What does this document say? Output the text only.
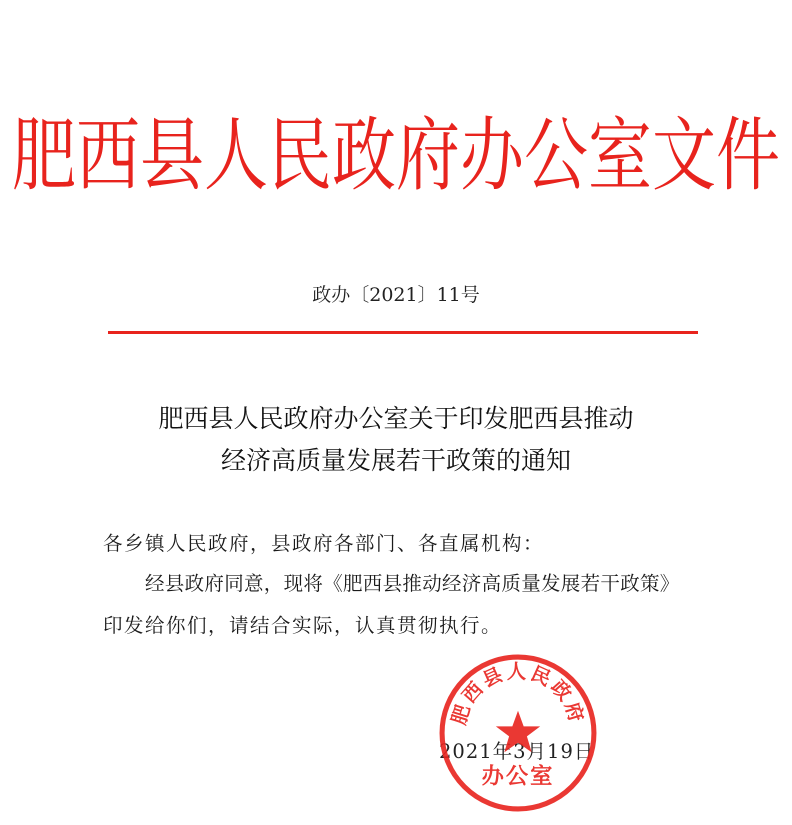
肥西县人民政府办公室文件
政办〔2021〕11号
肥西县人民政府办公室关于印发肥西县推动
经济高质量发展若干政策的通知
各乡镇人民政府，县政府各部门、各直属机构：
经县政府同意，现将《肥西县推动经济高质量发展若干政策》
印发给你们，请结合实际，认真贯彻执行。
2021年3月19日
肥西县人民政府
办公室
